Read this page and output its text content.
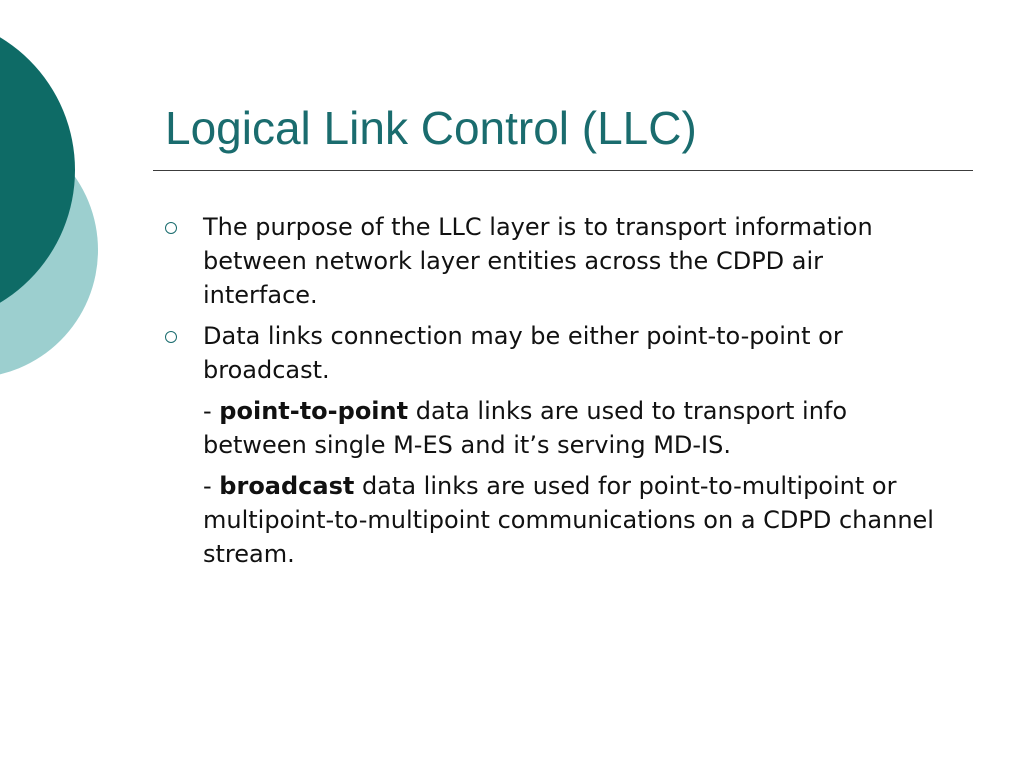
Logical Link Control (LLC)
The purpose of the LLC layer is to transport information between network layer entities across the CDPD air interface.
Data links connection may be either point-to-point or broadcast.
- point-to-point data links are used to transport info between single M-ES and it’s serving MD-IS.
- broadcast data links are used for point-to-multipoint or multipoint-to-multipoint communications on a CDPD channel stream.
